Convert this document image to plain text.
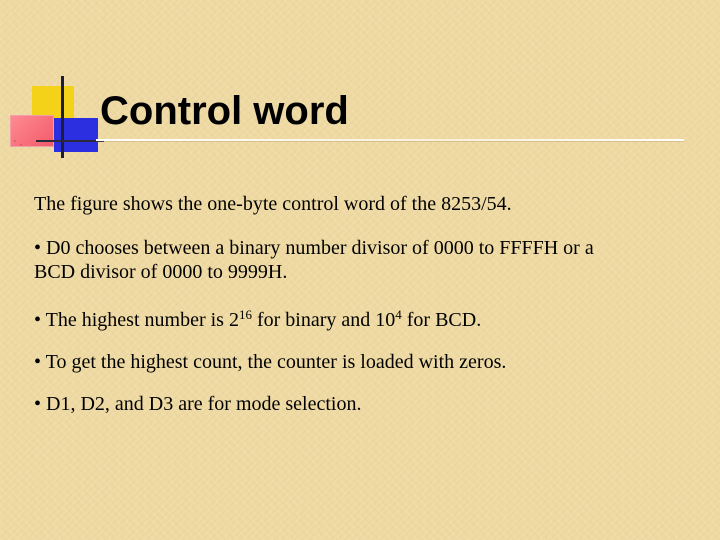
Control word

The figure shows the one-byte control word of the 8253/54.

• D0 chooses between a binary number divisor of 0000 to FFFFH or a BCD divisor of 0000 to 9999H.

• The highest number is $2^{16}$ for binary and $10^4$ for BCD.

• To get the highest count, the counter is loaded with zeros.

• D1, D2, and D3 are for mode selection.
